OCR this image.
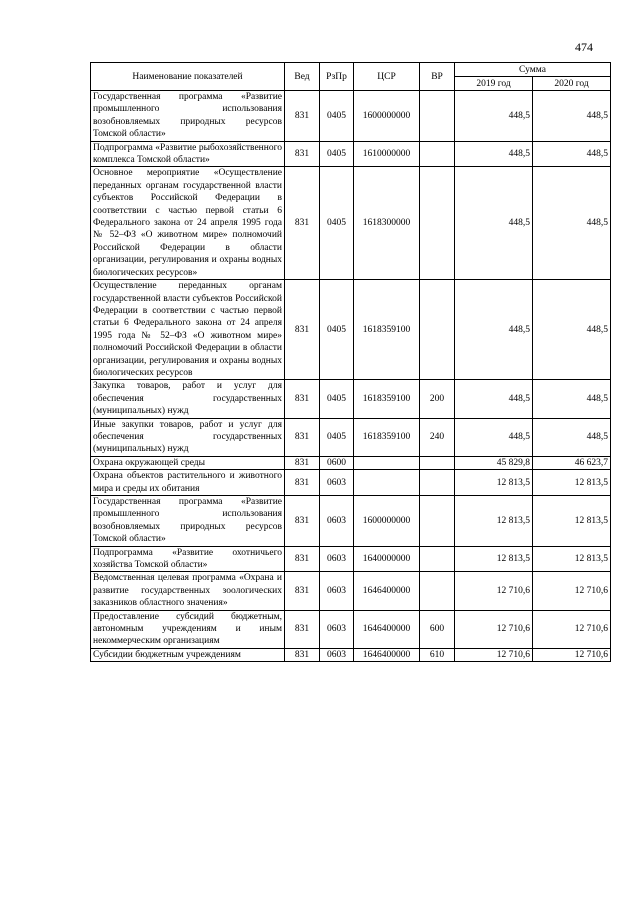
474
Наименование показателей	Вед	РзПр	ЦСР	ВР	Сумма	
					2019 год	2020 год
Государственная программа «Развитие промышленного использования возобновляемых природных ресурсов Томской области»	831	0405	1600000000		448,5	448,5
Подпрограмма «Развитие рыбохозяйственного комплекса Томской области»	831	0405	1610000000		448,5	448,5
Основное мероприятие «Осуществление переданных органам государственной власти субъектов Российской Федерации в соответствии с частью первой статьи 6 Федерального закона от 24 апреля 1995 года № 52–ФЗ «О животном мире» полномочий Российской Федерации в области организации, регулирования и охраны водных биологических ресурсов»	831	0405	1618300000		448,5	448,5
Осуществление переданных органам государственной власти субъектов Российской Федерации в соответствии с частью первой статьи 6 Федерального закона от 24 апреля 1995 года № 52–ФЗ «О животном мире» полномочий Российской Федерации в области организации, регулирования и охраны водных биологических ресурсов	831	0405	1618359100		448,5	448,5
Закупка товаров, работ и услуг для обеспечения государственных (муниципальных) нужд	831	0405	1618359100	200	448,5	448,5
Иные закупки товаров, работ и услуг для обеспечения государственных (муниципальных) нужд	831	0405	1618359100	240	448,5	448,5
Охрана окружающей среды	831	0600			45 829,8	46 623,7
Охрана объектов растительного и животного мира и среды их обитания	831	0603			12 813,5	12 813,5
Государственная программа «Развитие промышленного использования возобновляемых природных ресурсов Томской области»	831	0603	1600000000		12 813,5	12 813,5
Подпрограмма «Развитие охотничьего хозяйства Томской области»	831	0603	1640000000		12 813,5	12 813,5
Ведомственная целевая программа «Охрана и развитие государственных зоологических заказников областного значения»	831	0603	1646400000		12 710,6	12 710,6
Предоставление субсидий бюджетным, автономным учреждениям и иным некоммерческим организациям	831	0603	1646400000	600	12 710,6	12 710,6
Субсидии бюджетным учреждениям	831	0603	1646400000	610	12 710,6	12 710,6
